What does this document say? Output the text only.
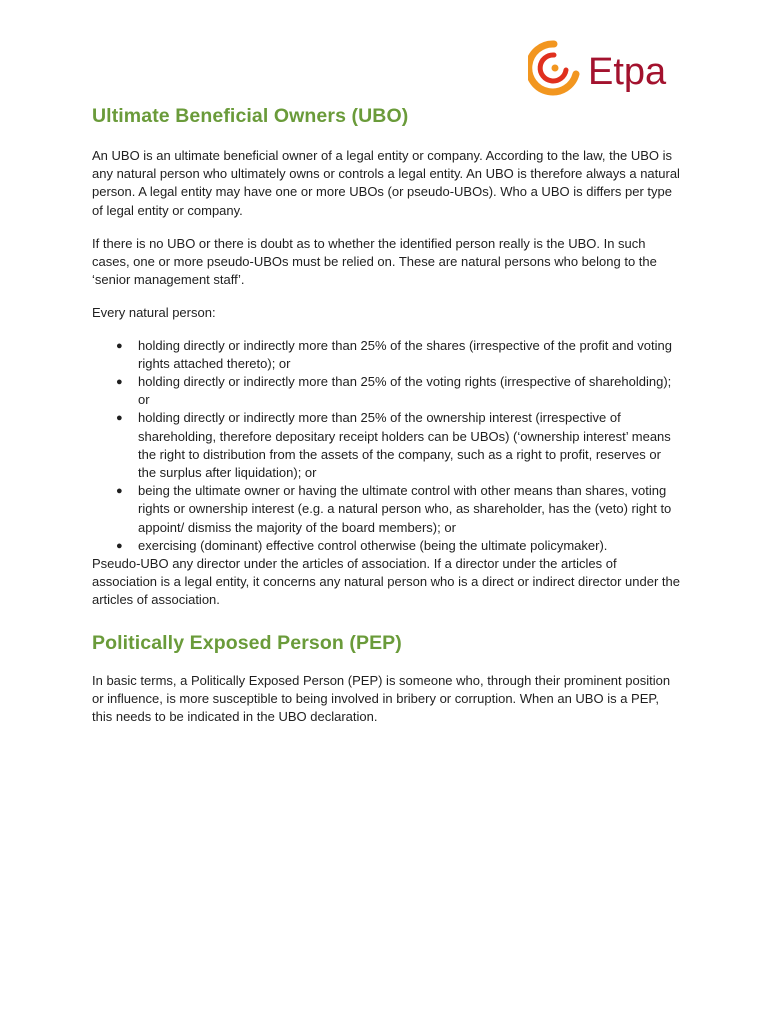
Etpa
Ultimate Beneficial Owners (UBO)

An UBO is an ultimate beneficial owner of a legal entity or company. According to the law, the UBO is any natural person who ultimately owns or controls a legal entity. An UBO is therefore always a natural person. A legal entity may have one or more UBOs (or pseudo-UBOs). Who a UBO is differs per type of legal entity or company.

If there is no UBO or there is doubt as to whether the identified person really is the UBO. In such cases, one or more pseudo-UBOs must be relied on. These are natural persons who belong to the ‘senior management staff’.

Every natural person:

● holding directly or indirectly more than 25% of the shares (irrespective of the profit and voting rights attached thereto); or
● holding directly or indirectly more than 25% of the voting rights (irrespective of shareholding); or
● holding directly or indirectly more than 25% of the ownership interest (irrespective of shareholding, therefore depositary receipt holders can be UBOs) (‘ownership interest’ means the right to distribution from the assets of the company, such as a right to profit, reserves or the surplus after liquidation); or
● being the ultimate owner or having the ultimate control with other means than shares, voting rights or ownership interest (e.g. a natural person who, as shareholder, has the (veto) right to appoint/ dismiss the majority of the board members); or
● exercising (dominant) effective control otherwise (being the ultimate policymaker).

Pseudo-UBO any director under the articles of association. If a director under the articles of association is a legal entity, it concerns any natural person who is a direct or indirect director under the articles of association.

Politically Exposed Person (PEP)

In basic terms, a Politically Exposed Person (PEP) is someone who, through their prominent position or influence, is more susceptible to being involved in bribery or corruption. When an UBO is a PEP, this needs to be indicated in the UBO declaration.
